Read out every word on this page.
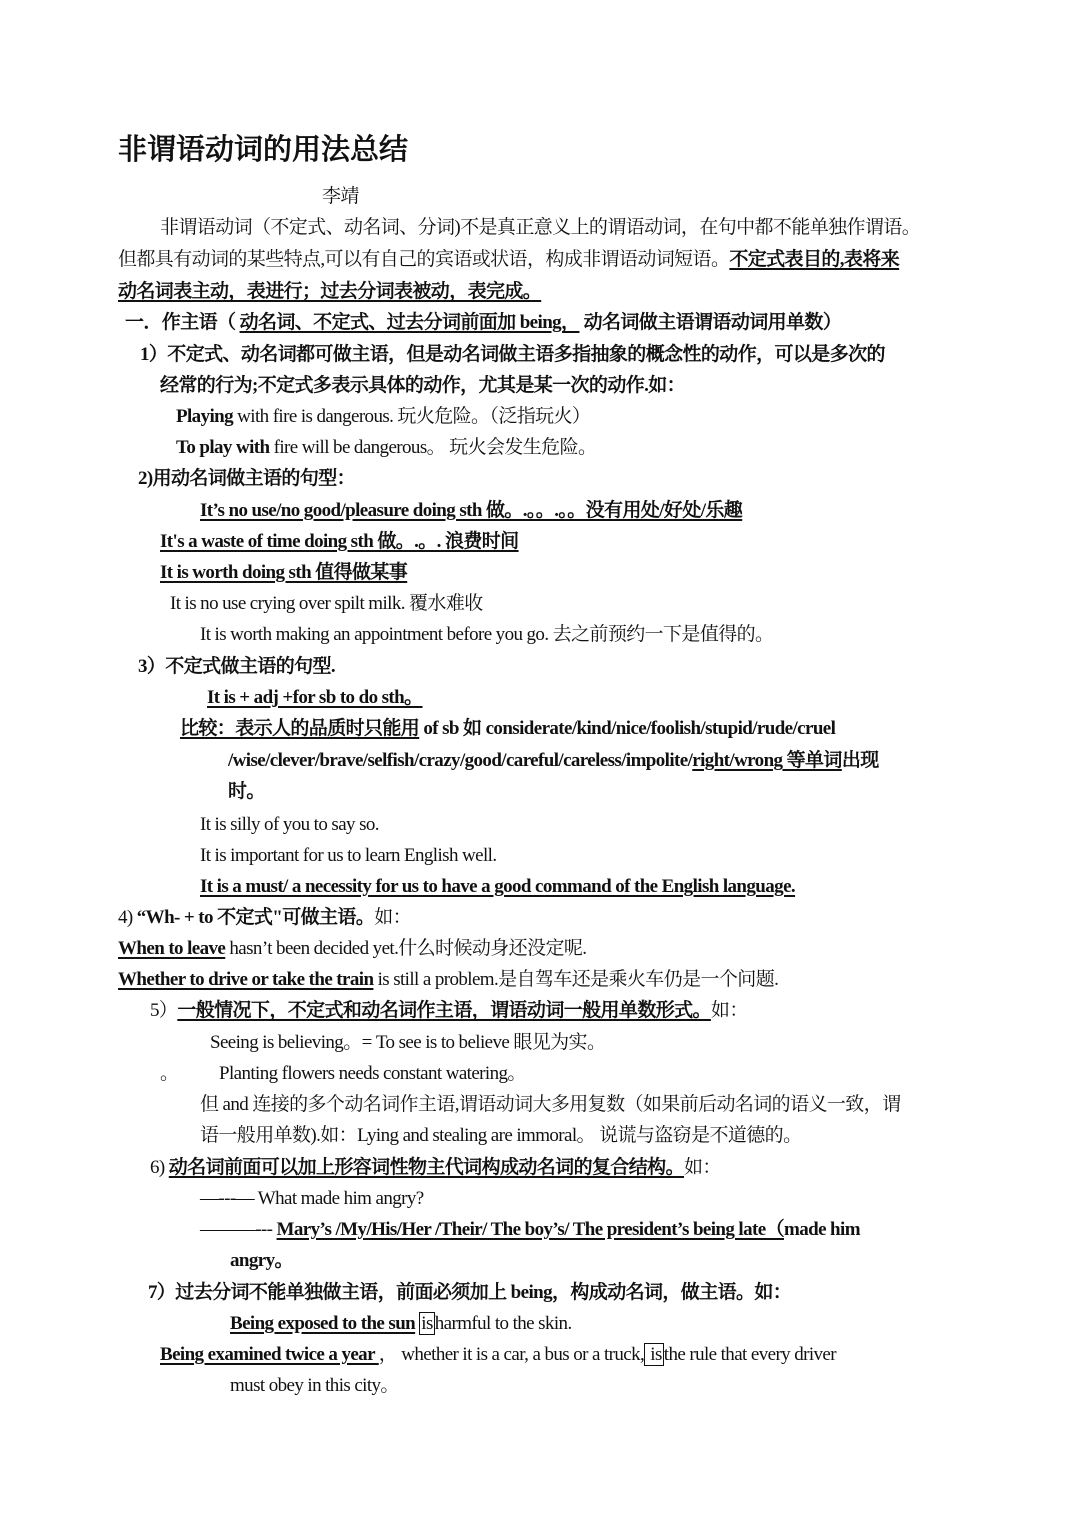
非谓语动词的用法总结
李靖
非谓语动词（不定式、动名词、分词)不是真正意义上的谓语动词，在句中都不能单独作谓语。
但都具有动词的某些特点,可以有自己的宾语或状语，构成非谓语动词短语。不定式表目的,表将来
动名词表主动，表进行；过去分词表被动，表完成。
一．作主语（ 动名词、不定式、过去分词前面加 being， 动名词做主语谓语动词用单数）
1）不定式、动名词都可做主语，但是动名词做主语多指抽象的概念性的动作，可以是多次的
经常的行为;不定式多表示具体的动作，尤其是某一次的动作.如：
Playing with fire is dangerous. 玩火危险。（泛指玩火）
To play with fire will be dangerous。 玩火会发生危险。
2)用动名词做主语的句型：
It’s no use/no good/pleasure doing sth 做。.。。.。。没有用处/好处/乐趣
It's a waste of time doing sth 做。.。. 浪费时间
It is worth doing sth 值得做某事
It is no use crying over spilt milk. 覆水难收
It is worth making an appointment before you go. 去之前预约一下是值得的。
3）不定式做主语的句型.
It is + adj +for sb to do sth。
比较：表示人的品质时只能用 of sb 如 considerate/kind/nice/foolish/stupid/rude/cruel
/wise/clever/brave/selfish/crazy/good/careful/careless/impolite/right/wrong 等单词出现
时。
It is silly of you to say so.
It is important for us to learn English well.
It is a must/ a necessity for us to have a good command of the English language.
4) “Wh- + to 不定式"可做主语。如：
When to leave hasn’t been decided yet.什么时候动身还没定呢.
Whether to drive or take the train is still a problem.是自驾车还是乘火车仍是一个问题.
5）一般情况下，不定式和动名词作主语，谓语动词一般用单数形式。如：
Seeing is believing。= To see is to believe 眼见为实。
。 Planting flowers needs constant watering。
但 and 连接的多个动名词作主语,谓语动词大多用复数（如果前后动名词的语义一致，谓
语一般用单数).如：Lying and stealing are immoral。 说谎与盗窃是不道德的。
6) 动名词前面可以加上形容词性物主代词构成动名词的复合结构。如：
—---— What made him angry?
———--- Mary’s /My/His/Her /Their/ The boy’s/ The president’s being late（made him
angry。
7）过去分词不能单独做主语，前面必须加上 being，构成动名词，做主语。如：
Being exposed to the sun is harmful to the skin.
Being examined twice a year ， whether it is a car, a bus or a truck, is the rule that every driver
must obey in this city。
